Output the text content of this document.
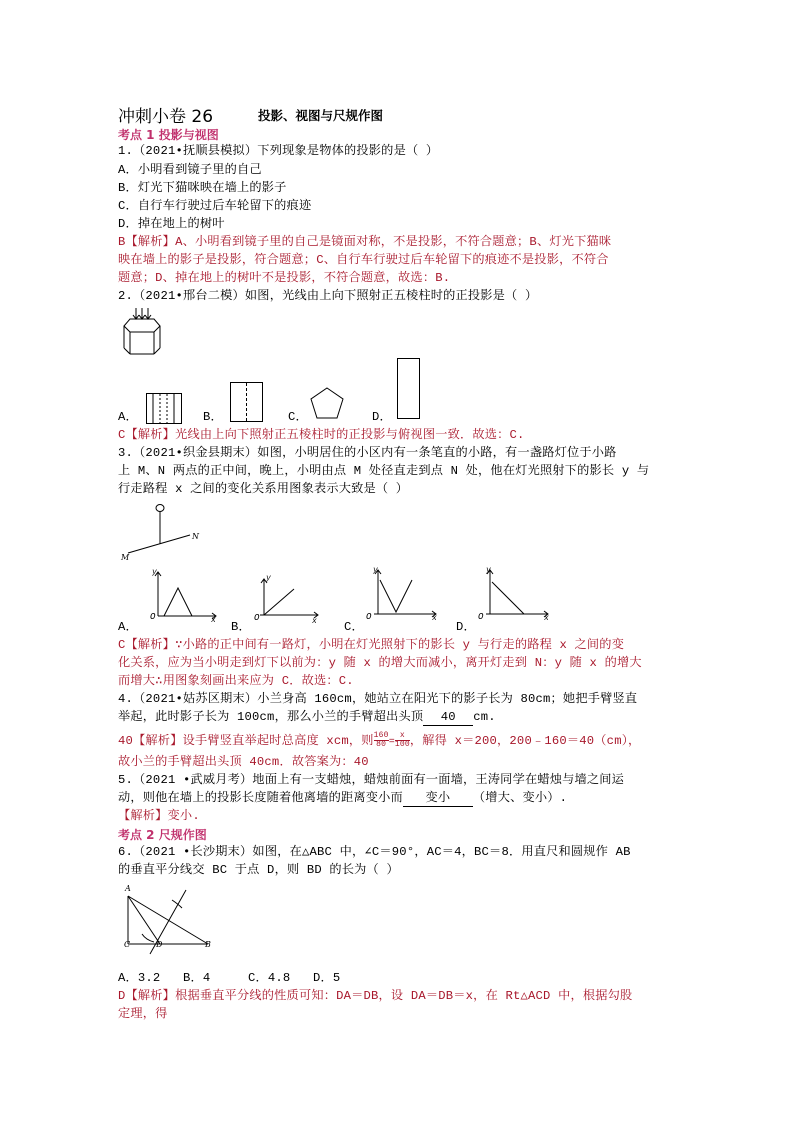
冲刺小卷 26	投影、视图与尺规作图
考点 1 投影与视图
1.（2021•抚顺县模拟）下列现象是物体的投影的是（ ）
A．小明看到镜子里的自己
B．灯光下猫咪映在墙上的影子
C．自行车行驶过后车轮留下的痕迹
D．掉在地上的树叶
B【解析】A、小明看到镜子里的自己是镜面对称，不是投影，不符合题意；B、灯光下猫咪
映在墙上的影子是投影，符合题意；C、自行车行驶过后车轮留下的痕迹不是投影，不符合
题意；D、掉在地上的树叶不是投影，不符合题意，故选：B.
2.（2021•邢台二模）如图，光线由上向下照射正五棱柱时的正投影是（ ）
A．	B．	C．	D．
C【解析】光线由上向下照射正五棱柱时的正投影与俯视图一致．故选：C.
3.（2021•织金县期末）如图，小明居住的小区内有一条笔直的小路，有一盏路灯位于小路
上 M、N 两点的正中间，晚上，小明由点 M 处径直走到点 N 处，他在灯光照射下的影长 y 与
行走路程 x 之间的变化关系用图象表示大致是（ ）
M
N
A．
y
x
O
B．
y
x
O
C．
y
x
O
D．
y
x
O
C【解析】∵小路的正中间有一路灯，小明在灯光照射下的影长 y 与行走的路程 x 之间的变
化关系，应为当小明走到灯下以前为：y 随 x 的增大而减小，离开灯走到 N：y 随 x 的增大
而增大∴用图象刻画出来应为 C．故选：C.
4.（2021•姑苏区期末）小兰身高 160cm，她站立在阳光下的影子长为 80cm；她把手臂竖直
举起，此时影子长为 100cm，那么小兰的手臂超出头顶 40 cm.
40【解析】设手臂竖直举起时总高度 xcm，则 $\frac{160}{80} = \frac{x}{100}$ ，解得 x＝200，200﹣160＝40（cm），
故小兰的手臂超出头顶 40cm．故答案为：40
5.（2021 •武威月考）地面上有一支蜡烛，蜡烛前面有一面墙，王涛同学在蜡烛与墙之间运
动，则他在墙上的投影长度随着他离墙的距离变小而 变小 （增大、变小）.
【解析】变小.
考点 2 尺规作图
6.（2021 •长沙期末）如图，在△ABC 中，∠C＝90°，AC＝4，BC＝8．用直尺和圆规作 AB
的垂直平分线交 BC 于点 D，则 BD 的长为（ ）
A
C	D	B
A．3.2   B．4     C．4.8   D．5
D【解析】根据垂直平分线的性质可知：DA＝DB，设 DA＝DB＝x，在 Rt△ACD 中，根据勾股
定理，得
